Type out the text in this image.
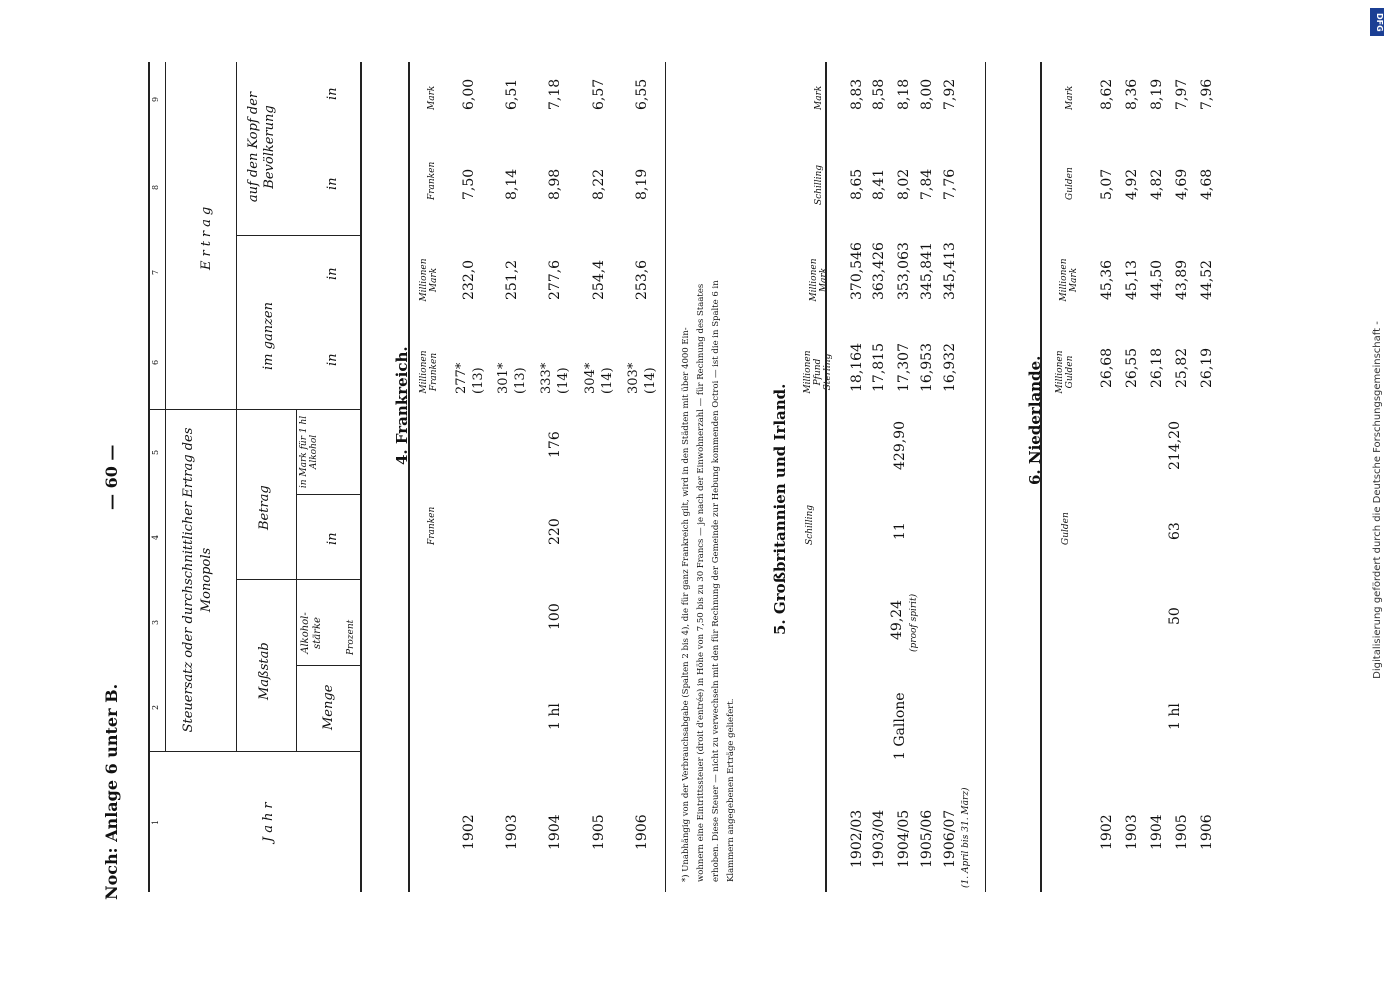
Noch: Anlage 6 unter B.
— 60 —
1
2
3
4
5
6
7
8
9
Jahr
Steuersatz oder durchschnittlicher Ertrag des Monopols
Maßstab
Menge
Alkohol-stärke	Prozent
Betrag
in
in Mark für 1 hl Alkohol
Ertrag
im ganzen
auf den Kopf der Bevölkerung
in
in
in
in
4. Frankreich.
Franken
Millionen Franken
Millionen Mark
Franken
Mark
1 hl
100
220
176
1902
277* (13)
232,0
7,50
6,00
1903
301* (13)
251,2
8,14
6,51
1904
333* (14)
277,6
8,98
7,18
1905
304* (14)
254,4
8,22
6,57
1906
303* (14)
253,6
8,19
6,55
*) Unabhängig von der Verbrauchsabgabe (Spalten 2 bis 4), die für ganz Frankreich gilt, wird in den Städten mit über 4000 Ein- wohnern eine Eintrittssteuer (droit d'entrée) in Höhe von 7,50 bis zu 30 Francs — je nach der Einwohnerzahl — für Rechnung des Staates erhoben. Diese Steuer — nicht zu verwechseln mit den für Rechnung der Gemeinde zur Hebung kommenden Octroi — ist die in Spalte 6 in Klammern angegebenen Erträge geliefert.
5. Großbritannien und Irland. Schilling
Millionen Pfund Sterling
Millionen Mark
Schilling
Mark
1 Gallone
49,24 (proof spirit)
11
429,90
1902/03
18,164
370,546
8,65
8,83
1903/04
17,815
363,426
8,41
8,58
1904/05
17,307
353,063
8,02
8,18
1905/06
16,953
345,841
7,84
8,00
1906/07 (1. April bis 31. März)
16,932
345,413
7,76
7,92
6. Niederlande.
Gulden
Millionen Gulden
Millionen Mark
Gulden
Mark
1 hl
50
63
214,20
1902
26,68
45,36
5,07
8,62
1903
26,55
45,13
4,92
8,36
1904
26,18
44,50
4,82
8,19
1905
25,82
43,89
4,69
7,97
1906
26,19
44,52
4,68
7,96
DFG
Digitalisierung gefördert durch die Deutsche Forschungsgemeinschaft -
